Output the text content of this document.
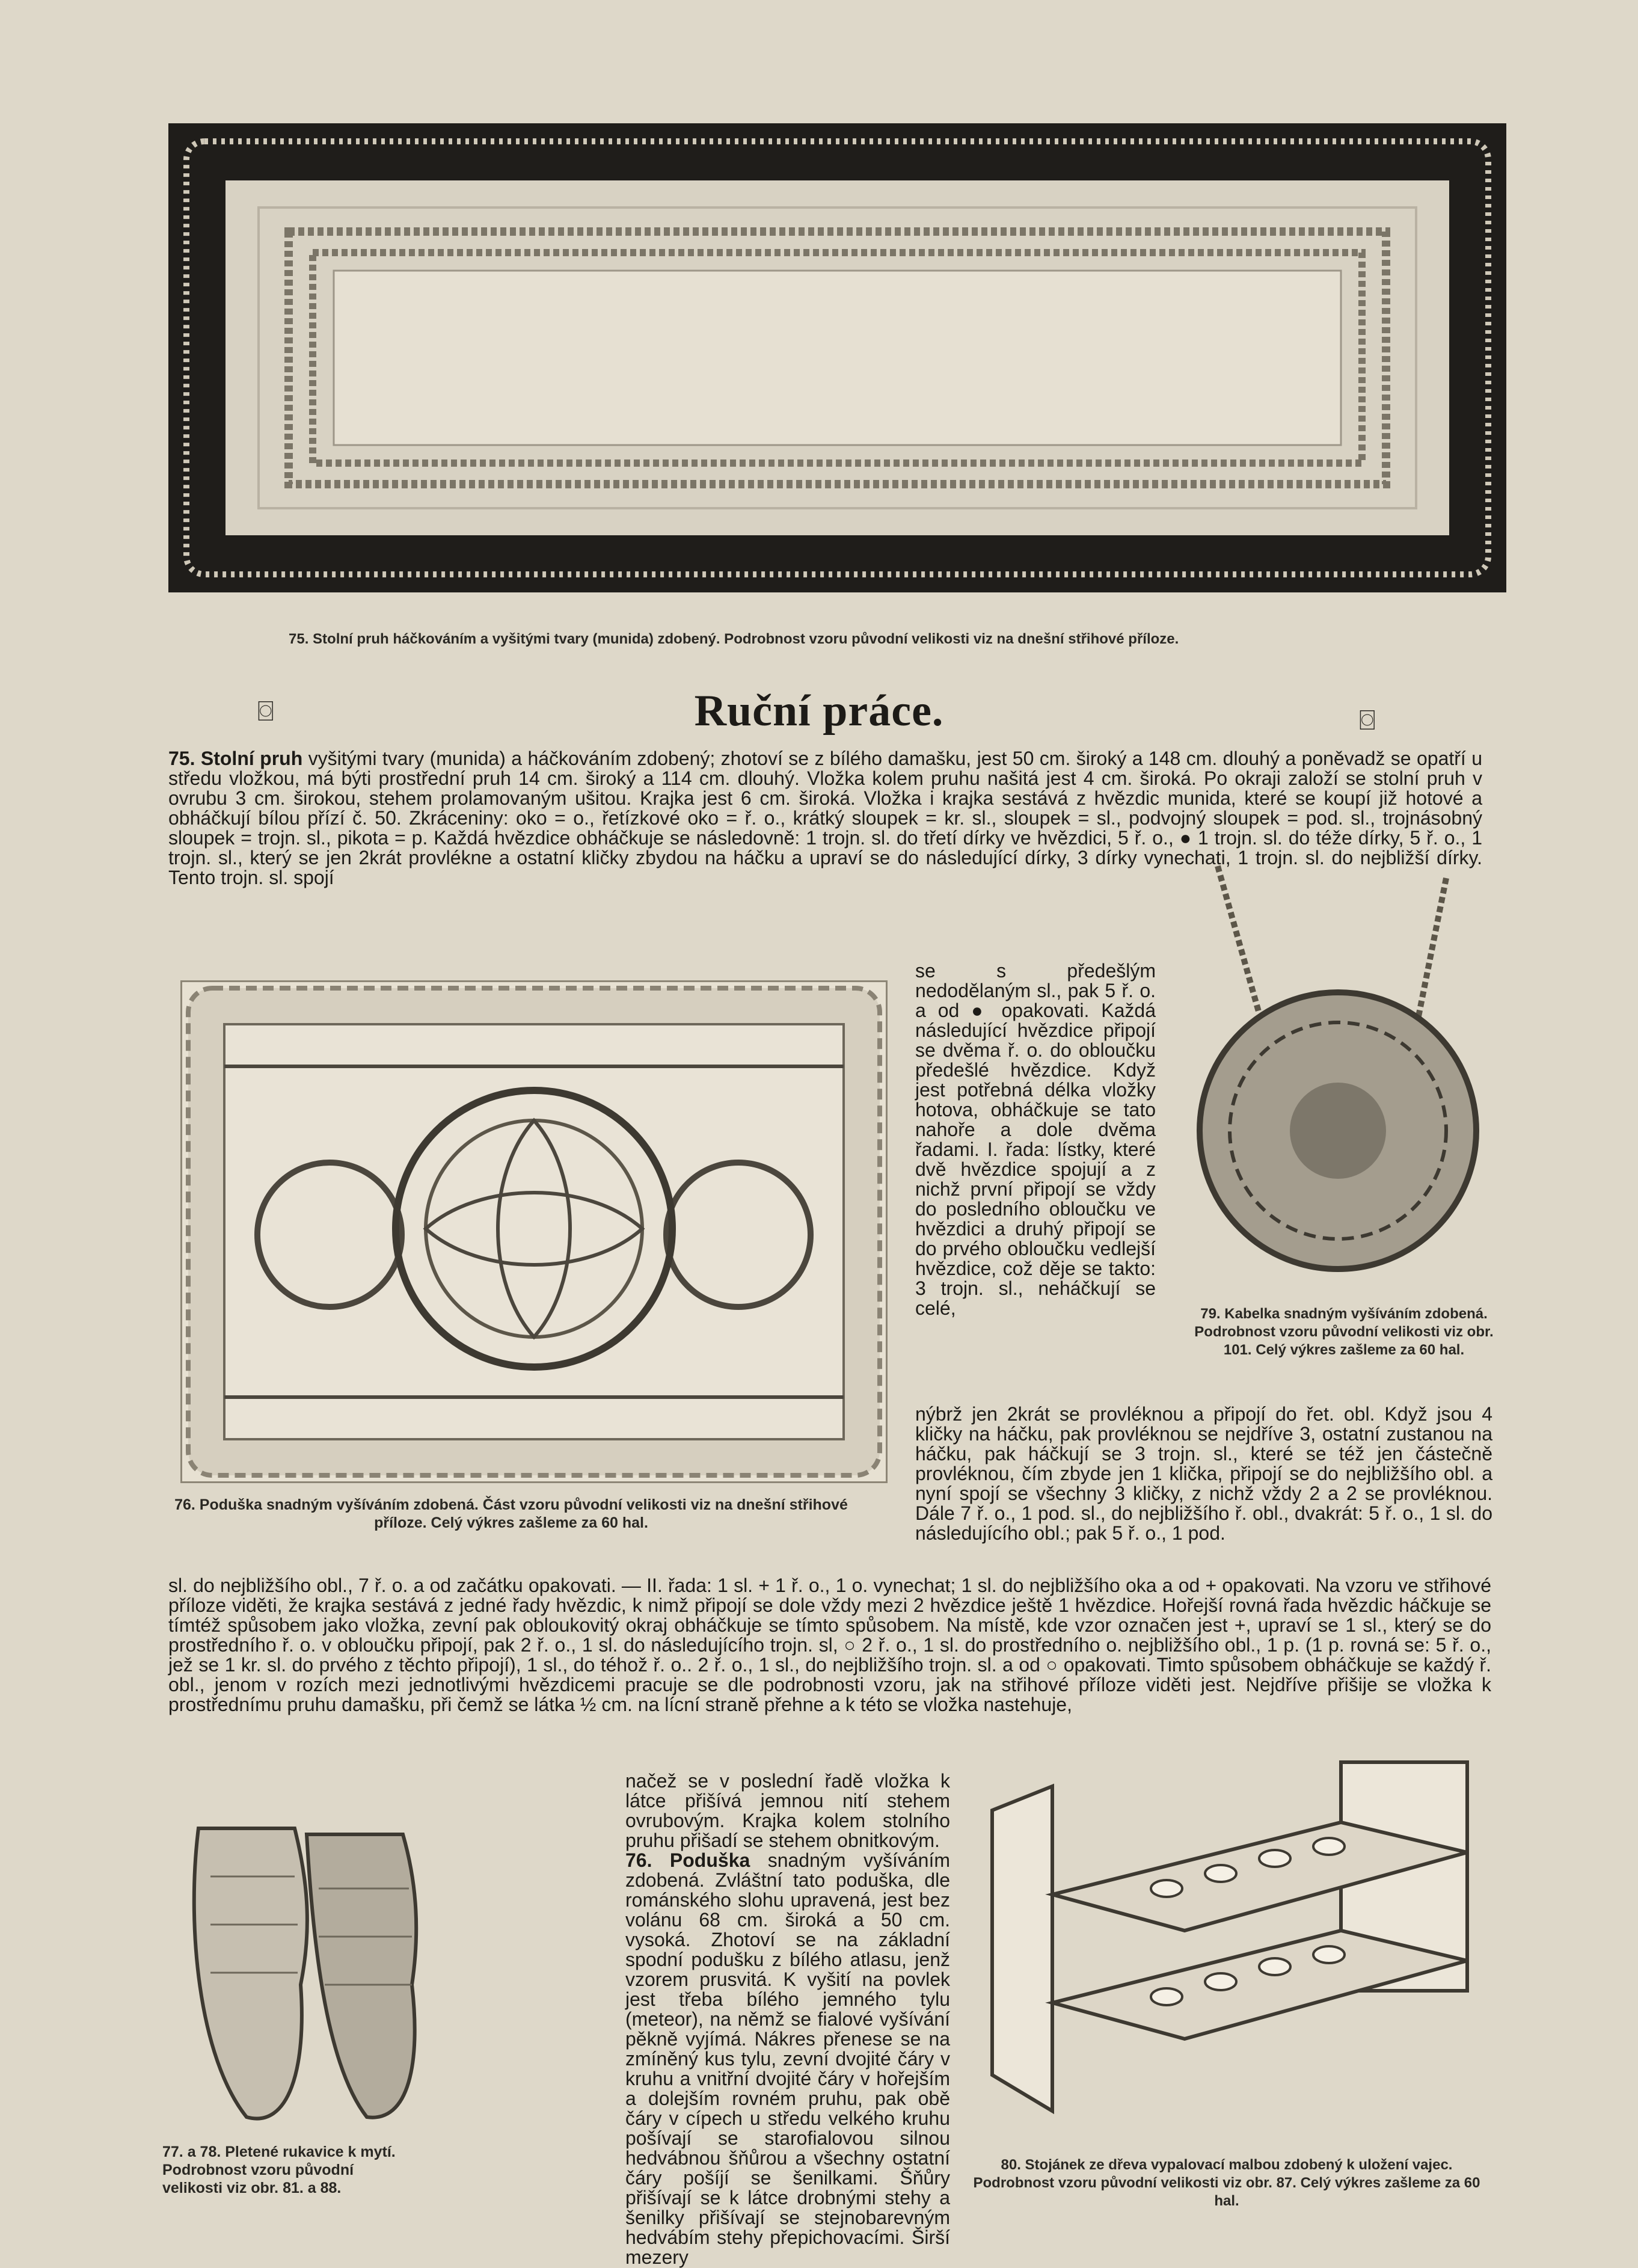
75. Stolní pruh háčkováním a vyšitými tvary (munida) zdobený. Podrobnost vzoru původní velikosti viz na dnešní střihové příloze.
⌼	Ruční práce.	⌼

75. Stolní pruh vyšitými tvary (munida) a háčkováním zdobený; zhotoví se z bílého damašku, jest 50 cm. široký a 148 cm. dlouhý a poněvadž se opatří u středu vložkou, má býti prostřední pruh 14 cm. široký a 114 cm. dlouhý. Vložka kolem pruhu našitá jest 4 cm. široká. Po okraji založí se stolní pruh v ovrubu 3 cm. širokou, stehem prolamovaným ušitou. Krajka jest 6 cm. široká. Vložka i krajka sestává z hvězdic munida, které se koupí již hotové a obháčkují bílou přízí č. 50. Zkráceniny: oko = o., řetízkové oko = ř. o., krátký sloupek = kr. sl., sloupek = sl., podvojný sloupek = pod. sl., trojnásobný sloupek = trojn. sl., pikota = p. Každá hvězdice obháčkuje se následovně: 1 trojn. sl. do třetí dírky ve hvězdici, 5 ř. o., ● 1 trojn. sl. do téže dírky, 5 ř. o., 1 trojn. sl., který se jen 2krát provlékne a ostatní kličky zbydou na háčku a upraví se do následující dírky, 3 dírky vynechati, 1 trojn. sl. do nejbližší dírky. Tento trojn. sl. spojí

76. Poduška snadným vyšíváním zdobená. Část vzoru původní velikosti viz na dnešní střihové příloze. Celý výkres zašleme za 60 hal.

se s předešlým nedodělaným sl., pak 5 ř. o. a od ● opakovati. Každá následující hvězdice připojí se dvěma ř. o. do obloučku předešlé hvězdice. Když jest potřebná délka vložky hotova, obháčkuje se tato nahoře a dole dvěma řadami. I. řada: lístky, které dvě hvězdice spojují a z nichž první připojí se vždy do posledního obloučku ve hvězdici a druhý připojí se do prvého obloučku vedlejší hvězdice, což děje se takto: 3 trojn. sl., neháčkují se celé,	79. Kabelka snadným vyšíváním zdobená. Podrobnost vzoru původní velikosti viz obr. 101. Celý výkres zašleme za 60 hal.

nýbrž jen 2krát se provléknou a připojí do řet. obl. Když jsou 4 kličky na háčku, pak provléknou se nejdříve 3, ostatní zustanou na háčku, pak háčkují se 3 trojn. sl., které se též jen částečně provléknou, čím zbyde jen 1 klička, připojí se do nejbližšího obl. a nyní spojí se všechny 3 kličky, z nichž vždy 2 a 2 se provléknou. Dále 7 ř. o., 1 pod. sl., do nejbližšího ř. obl., dvakrát: 5 ř. o., 1 sl. do následujícího obl.; pak 5 ř. o., 1 pod.

sl. do nejbližšího obl., 7 ř. o. a od začátku opakovati. — II. řada: 1 sl. + 1 ř. o., 1 o. vynechat; 1 sl. do nejbližšího oka a od + opakovati. Na vzoru ve střihové příloze viděti, že krajka sestává z jedné řady hvězdic, k nimž připojí se dole vždy mezi 2 hvězdice ještě 1 hvězdice. Hořejší rovná řada hvězdic háčkuje se tímtéž spůsobem jako vložka, zevní pak obloukovitý okraj obháčkuje se tímto spůsobem. Na místě, kde vzor označen jest +, upraví se 1 sl., který se do prostředního ř. o. v obloučku připojí, pak 2 ř. o., 1 sl. do následujícího trojn. sl, ○ 2 ř. o., 1 sl. do prostředního o. nejbližšího obl., 1 p. (1 p. rovná se: 5 ř. o., jež se 1 kr. sl. do prvého z těchto připojí), 1 sl., do téhož ř. o.. 2 ř. o., 1 sl., do nejbližšího trojn. sl. a od ○ opakovati. Timto spůsobem obháčkuje se každý ř. obl., jenom v rozích mezi jednotlivými hvězdicemi pracuje se dle podrobnosti vzoru, jak na střihové příloze viděti jest. Nejdříve přišije se vložka k prostřednímu pruhu damašku, při čemž se látka ½ cm. na lícní straně přehne a k této se vložka nastehuje,

77. a 78. Pletené rukavice k mytí. Podrobnost vzoru původní velikosti viz obr. 81. a 88.

načež se v poslední řadě vložka k látce přišívá jemnou nití stehem ovrubovým. Krajka kolem stolního pruhu přišadí se stehem obnitkovým.

76. Poduška snadným vyšíváním zdobená. Zvláštní tato poduška, dle románského slohu upravená, jest bez volánu 68 cm. široká a 50 cm. vysoká. Zhotoví se na základní spodní podušku z bílého atlasu, jenž vzorem prusvitá. K vyšití na povlek jest třeba bílého jemného tylu (meteor), na němž se fialové vyšívání pěkně vyjímá. Nákres přenese se na zmíněný kus tylu, zevní dvojité čáry v kruhu a vnitřní dvojité čáry v hořejším a dolejším rovném pruhu, pak obě čáry v cípech u středu velkého kruhu pošívají se starofialovou silnou hedvábnou šňůrou a všechny ostatní čáry pošíjí se šenilkami. Šňůry přišívají se k látce drobnými stehy a šenilky přišívají se stejnobarevným hedvábím stehy přepichovacími. Širší mezery

80. Stojánek ze dřeva vypalovací malbou zdobený k uložení vajec. Podrobnost vzoru původní velikosti viz obr. 87. Celý výkres zašleme za 60 hal.
